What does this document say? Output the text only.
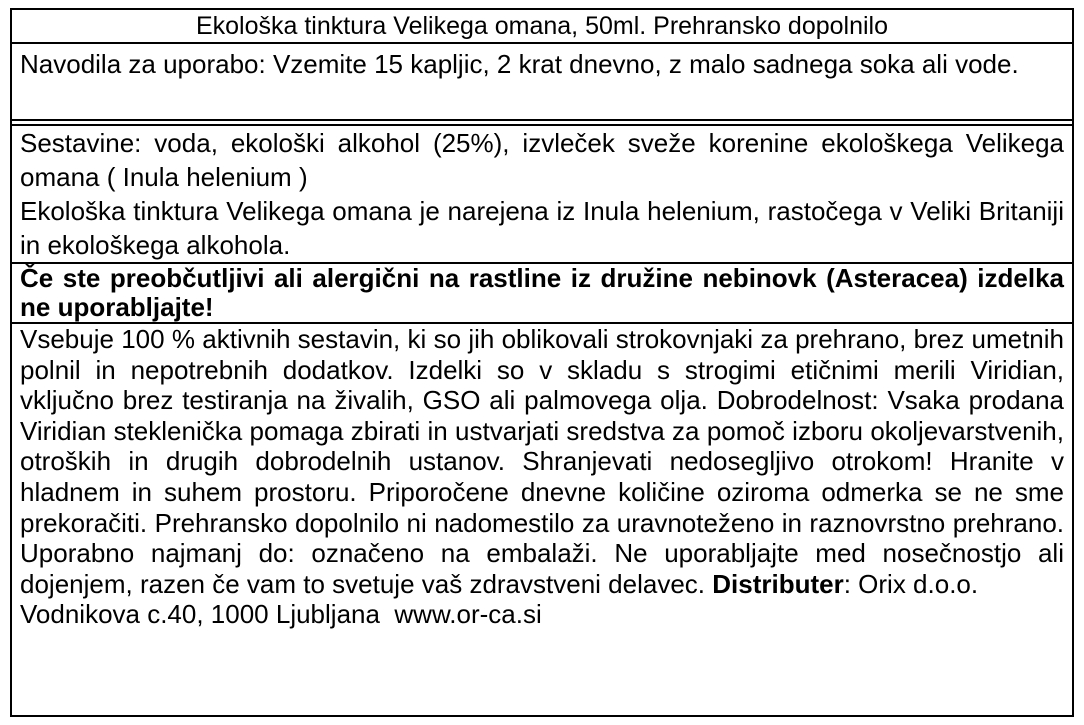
Ekološka tinktura Velikega omana, 50ml. Prehransko dopolnilo
Navodila za uporabo: Vzemite 15 kapljic, 2 krat dnevno, z malo sadnega soka ali vode.

Sestavine: voda, ekološki alkohol (25%), izvleček sveže korenine ekološkega Velikega omana ( Inula helenium )

Ekološka tinktura Velikega omana je narejena iz Inula helenium, rastočega v Veliki Britaniji in ekološkega alkohola.

Če ste preobčutljivi ali alergični na rastline iz družine nebinovk (Asteracea) izdelka ne uporabljajte!
Vsebuje 100 % aktivnih sestavin, ki so jih oblikovali strokovnjaki za prehrano, brez umetnih polnil in nepotrebnih dodatkov. Izdelki so v skladu s strogimi etičnimi merili Viridian, vključno brez testiranja na živalih, GSO ali palmovega olja. Dobrodelnost: Vsaka prodana Viridian steklenička pomaga zbirati in ustvarjati sredstva za pomoč izboru okoljevarstvenih, otroških in drugih dobrodelnih ustanov. Shranjevati nedosegljivo otrokom! Hranite v hladnem in suhem prostoru. Priporočene dnevne količine oziroma odmerka se ne sme prekoračiti. Prehransko dopolnilo ni nadomestilo za uravnoteženo in raznovrstno prehrano. Uporabno najmanj do: označeno na embalaži. Ne uporabljajte med nosečnostjo ali dojenjem, razen če vam to svetuje vaš zdravstveni delavec. Distributer: Orix d.o.o.
Vodnikova c.40, 1000 Ljubljana  www.or-ca.si
